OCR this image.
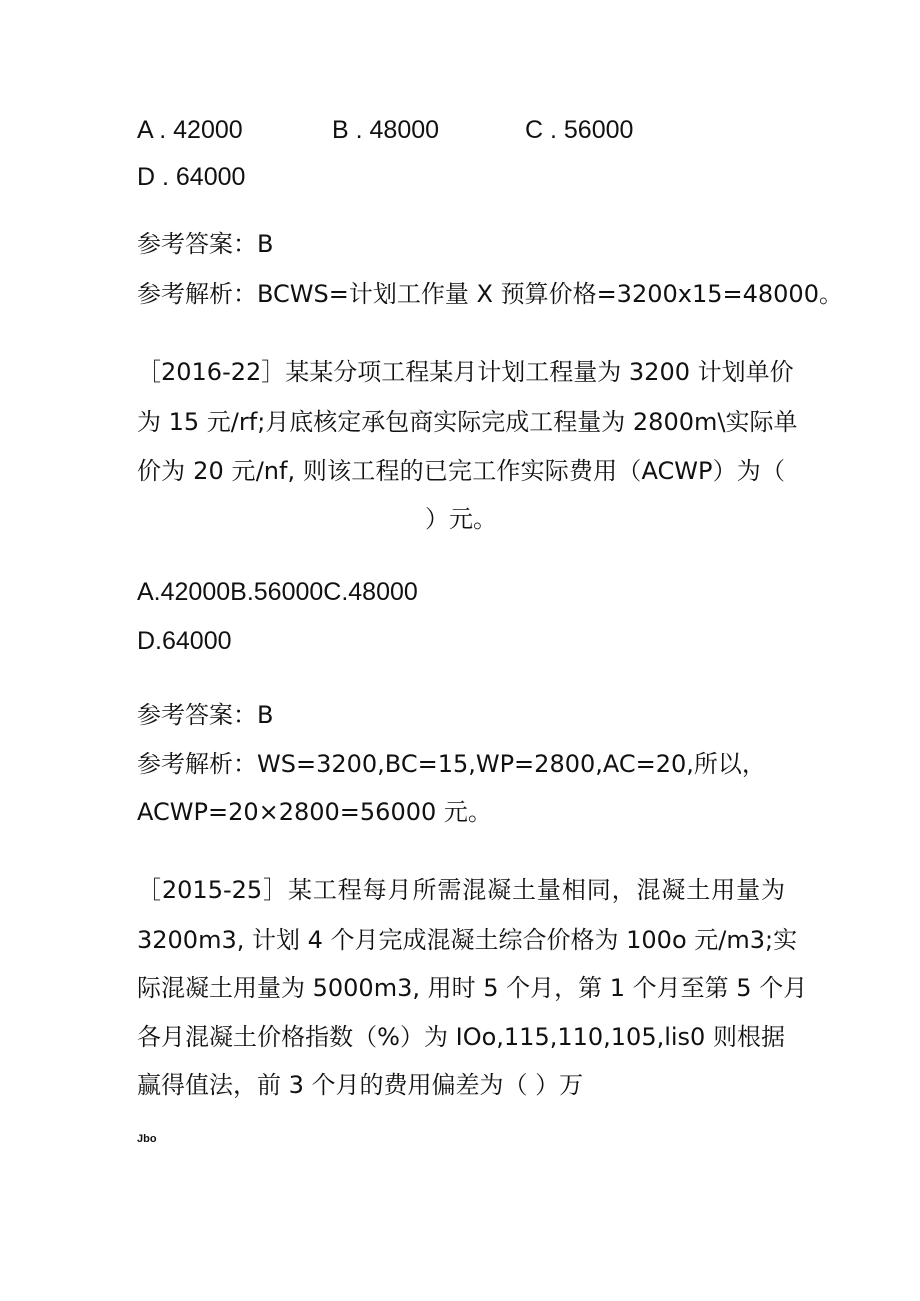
A . 42000	B . 48000	C . 56000
D . 64000
参考答案：B
参考解析：BCWS=计划工作量 X 预算价格=3200x15=48000。
［2016-22］某某分项工程某月计划工程量为 3200 计划单价
为 15 元/rf;月底核定承包商实际完成工程量为 2800m\实际单
价为 20 元/nf, 则该工程的已完工作实际费用（ACWP）为（
）元。
A.42000B.56000C.48000
D.64000
参考答案：B
参考解析：WS=3200,BC=15,WP=2800,AC=20,所以，
ACWP=20×2800=56000 元。
［2015-25］某工程每月所需混凝土量相同，混凝土用量为
3200m3, 计划 4 个月完成混凝土综合价格为 100o 元/m3;实
际混凝土用量为 5000m3, 用时 5 个月，第 1 个月至第 5 个月
各月混凝土价格指数（%）为 IOo,115,110,105,lis0 则根据
赢得值法，前 3 个月的费用偏差为（ ）万
Jbo
